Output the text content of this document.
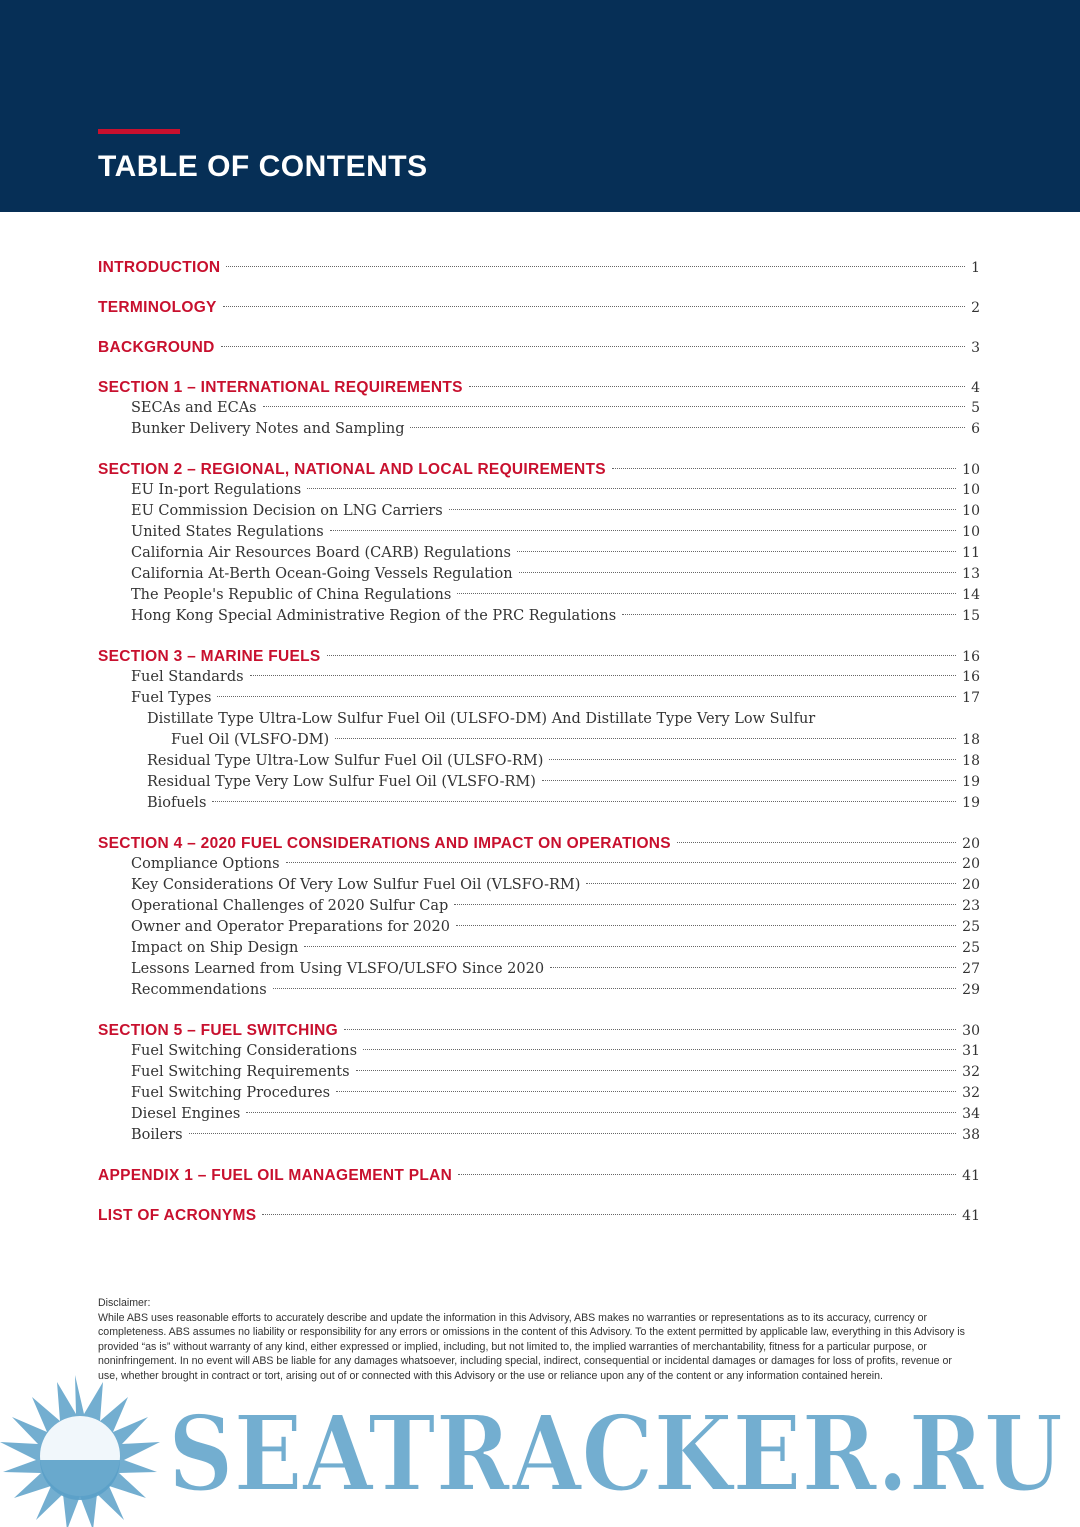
TABLE OF CONTENTS
INTRODUCTION	1
TERMINOLOGY	2
BACKGROUND	3
SECTION 1 – INTERNATIONAL REQUIREMENTS	4
SECAs and ECAs	5
Bunker Delivery Notes and Sampling	6
SECTION 2 – REGIONAL, NATIONAL AND LOCAL REQUIREMENTS	10
EU In-port Regulations	10
EU Commission Decision on LNG Carriers	10
United States Regulations	10
California Air Resources Board (CARB) Regulations	11
California At-Berth Ocean-Going Vessels Regulation	13
The People's Republic of China Regulations	14
Hong Kong Special Administrative Region of the PRC Regulations	15
SECTION 3 – MARINE FUELS	16
Fuel Standards	16
Fuel Types	17
Distillate Type Ultra-Low Sulfur Fuel Oil (ULSFO-DM) And Distillate Type Very Low Sulfur
Fuel Oil (VLSFO-DM)	18
Residual Type Ultra-Low Sulfur Fuel Oil (ULSFO-RM)	18
Residual Type Very Low Sulfur Fuel Oil (VLSFO-RM)	19
Biofuels	19
SECTION 4 – 2020 FUEL CONSIDERATIONS AND IMPACT ON OPERATIONS	20
Compliance Options	20
Key Considerations Of Very Low Sulfur Fuel Oil (VLSFO-RM)	20
Operational Challenges of 2020 Sulfur Cap	23
Owner and Operator Preparations for 2020	25
Impact on Ship Design	25
Lessons Learned from Using VLSFO/ULSFO Since 2020	27
Recommendations	29
SECTION 5 – FUEL SWITCHING	30
Fuel Switching Considerations	31
Fuel Switching Requirements	32
Fuel Switching Procedures	32
Diesel Engines	34
Boilers	38
APPENDIX 1 – FUEL OIL MANAGEMENT PLAN	41
LIST OF ACRONYMS	41
Disclaimer:
While ABS uses reasonable efforts to accurately describe and update the information in this Advisory, ABS makes no warranties or representations as to its accuracy, currency or completeness. ABS assumes no liability or responsibility for any errors or omissions in the content of this Advisory. To the extent permitted by applicable law, everything in this Advisory is provided “as is” without warranty of any kind, either expressed or implied, including, but not limited to, the implied warranties of merchantability, fitness for a particular purpose, or noninfringement. In no event will ABS be liable for any damages whatsoever, including special, indirect, consequential or incidental damages or damages for loss of profits, revenue or use, whether brought in contract or tort, arising out of or connected with this Advisory or the use or reliance upon any of the content or any information contained herein.
SEATRACKER.RU
